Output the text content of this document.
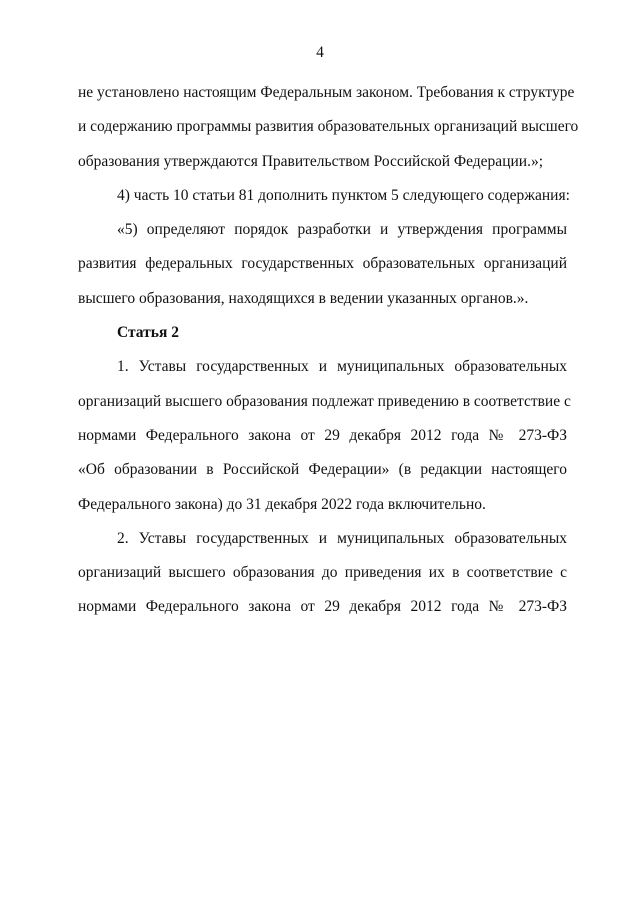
4
не установлено настоящим Федеральным законом. Требования к структуре
и содержанию программы развития образовательных организаций высшего
образования утверждаются Правительством Российской Федерации.»;
4) часть 10 статьи 81 дополнить пунктом 5 следующего содержания:
«5) определяют порядок разработки и утверждения программы
развития федеральных государственных образовательных организаций
высшего образования, находящихся в ведении указанных органов.».
Статья 2
1. Уставы государственных и муниципальных образовательных
организаций высшего образования подлежат приведению в соответствие с
нормами Федерального закона от 29 декабря 2012 года № 273-ФЗ
«Об образовании в Российской Федерации» (в редакции настоящего
Федерального закона) до 31 декабря 2022 года включительно.
2. Уставы государственных и муниципальных образовательных
организаций высшего образования до приведения их в соответствие с
нормами Федерального закона от 29 декабря 2012 года № 273-ФЗ
